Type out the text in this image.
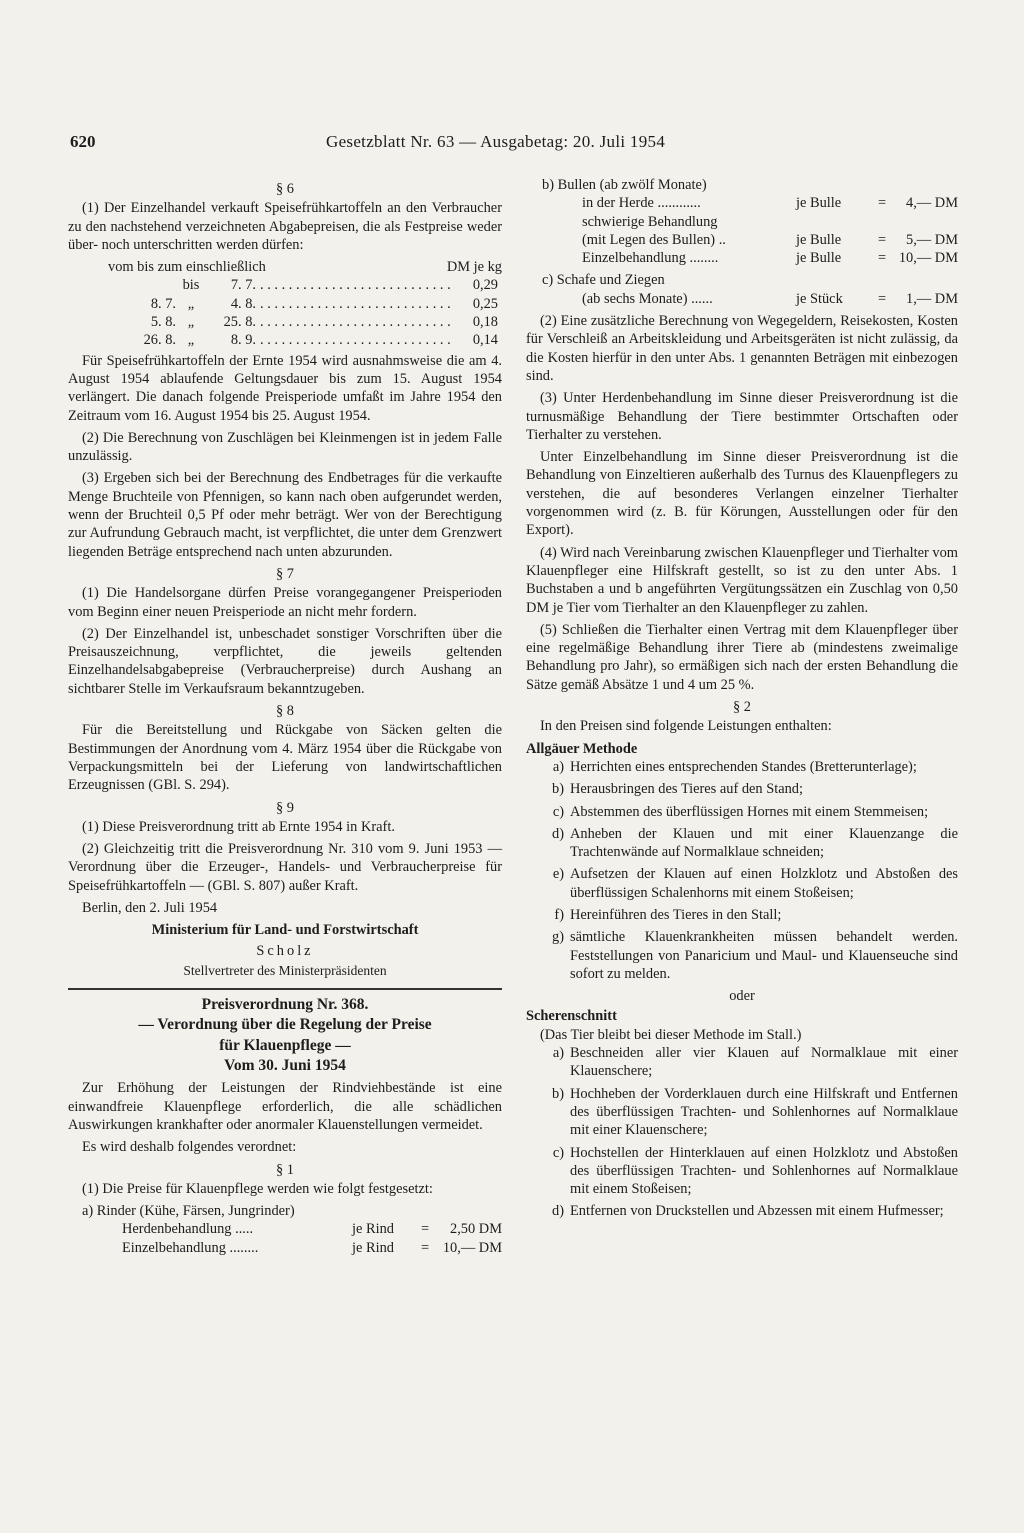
620	Gesetzblatt Nr. 63 — Ausgabetag: 20. Juli 1954
§ 6

(1) Der Einzelhandel verkauft Speisefrühkartoffeln an den Verbraucher zu den nachstehend verzeichneten Abgabepreisen, die als Festpreise weder über- noch unterschritten werden dürfen:

vom bis zum einschließlich	DM je kg
bis	7. 7. . . .	0,29
8. 7. „	4. 8. . . .	0,25
5. 8. „	25. 8. . . .	0,18
26. 8. „	8. 9. . . .	0,14

Für Speisefrühkartoffeln der Ernte 1954 wird ausnahmsweise die am 4. August 1954 ablaufende Geltungsdauer bis zum 15. August 1954 verlängert. Die danach folgende Preisperiode umfaßt im Jahre 1954 den Zeitraum vom 16. August 1954 bis 25. August 1954.

(2) Die Berechnung von Zuschlägen bei Kleinmengen ist in jedem Falle unzulässig.

(3) Ergeben sich bei der Berechnung des Endbetrages für die verkaufte Menge Bruchteile von Pfennigen, so kann nach oben aufgerundet werden, wenn der Bruchteil 0,5 Pf oder mehr beträgt. Wer von der Berechtigung zur Aufrundung Gebrauch macht, ist verpflichtet, die unter dem Grenzwert liegenden Beträge entsprechend nach unten abzurunden.

§ 7

(1) Die Handelsorgane dürfen Preise vorangegangener Preisperioden vom Beginn einer neuen Preisperiode an nicht mehr fordern.

(2) Der Einzelhandel ist, unbeschadet sonstiger Vorschriften über die Preisauszeichnung, verpflichtet, die jeweils geltenden Einzelhandelsabgabepreise (Verbraucherpreise) durch Aushang an sichtbarer Stelle im Verkaufsraum bekanntzugeben.

§ 8

Für die Bereitstellung und Rückgabe von Säcken gelten die Bestimmungen der Anordnung vom 4. März 1954 über die Rückgabe von Verpackungsmitteln bei der Lieferung von landwirtschaftlichen Erzeugnissen (GBl. S. 294).

§ 9

(1) Diese Preisverordnung tritt ab Ernte 1954 in Kraft.

(2) Gleichzeitig tritt die Preisverordnung Nr. 310 vom 9. Juni 1953 — Verordnung über die Erzeuger-, Handels- und Verbraucherpreise für Speisefrühkartoffeln — (GBl. S. 807) außer Kraft.

Berlin, den 2. Juli 1954

Ministerium für Land- und Forstwirtschaft
Scholz
Stellvertreter des Ministerpräsidenten
Preisverordnung Nr. 368.
— Verordnung über die Regelung der Preise
für Klauenpflege —
Vom 30. Juni 1954

Zur Erhöhung der Leistungen der Rindviehbestände ist eine einwandfreie Klauenpflege erforderlich, die alle schädlichen Auswirkungen krankhafter oder anormaler Klauenstellungen vermeidet.

Es wird deshalb folgendes verordnet:

§ 1

(1) Die Preise für Klauenpflege werden wie folgt festgesetzt:

a) Rinder (Kühe, Färsen, Jungrinder)
Herdenbehandlung .....	je Rind	=	2,50 DM
Einzelbehandlung ........	je Rind	= 10,— DM
b) Bullen (ab zwölf Monate)
in der Herde ............	je Bulle	=	4,— DM
schwierige Behandlung
(mit Legen des Bullen) ..	je Bulle	=	5,— DM
Einzelbehandlung ........	je Bulle	= 10,— DM
c) Schafe und Ziegen
(ab sechs Monate) ......	je Stück	=	1,— DM

(2) Eine zusätzliche Berechnung von Wegegeldern, Reisekosten, Kosten für Verschleiß an Arbeitskleidung und Arbeitsgeräten ist nicht zulässig, da die Kosten hierfür in den unter Abs. 1 genannten Beträgen mit einbezogen sind.

(3) Unter Herdenbehandlung im Sinne dieser Preisverordnung ist die turnusmäßige Behandlung der Tiere bestimmter Ortschaften oder Tierhalter zu verstehen.

Unter Einzelbehandlung im Sinne dieser Preisverordnung ist die Behandlung von Einzeltieren außerhalb des Turnus des Klauenpflegers zu verstehen, die auf besonderes Verlangen einzelner Tierhalter vorgenommen wird (z. B. für Körungen, Ausstellungen oder für den Export).

(4) Wird nach Vereinbarung zwischen Klauenpfleger und Tierhalter vom Klauenpfleger eine Hilfskraft gestellt, so ist zu den unter Abs. 1 Buchstaben a und b angeführten Vergütungssätzen ein Zuschlag von 0,50 DM je Tier vom Tierhalter an den Klauenpfleger zu zahlen.

(5) Schließen die Tierhalter einen Vertrag mit dem Klauenpfleger über eine regelmäßige Behandlung ihrer Tiere ab (mindestens zweimalige Behandlung pro Jahr), so ermäßigen sich nach der ersten Behandlung die Sätze gemäß Absätze 1 und 4 um 25 %.

§ 2

In den Preisen sind folgende Leistungen enthalten:

Allgäuer Methode
a) Herrichten eines entsprechenden Standes (Bretterunterlage);
b) Herausbringen des Tieres auf den Stand;
c) Abstemmen des überflüssigen Hornes mit einem Stemmeisen;
d) Anheben der Klauen und mit einer Klauenzange die Trachtenwände auf Normalklaue schneiden;
e) Aufsetzen der Klauen auf einen Holzklotz und Abstoßen des überflüssigen Schalenhorns mit einem Stoßeisen;
f) Hereinführen des Tieres in den Stall;
g) sämtliche Klauenkrankheiten müssen behandelt werden. Feststellungen von Panaricium und Maul- und Klauenseuche sind sofort zu melden.
oder
Scherenschnitt
(Das Tier bleibt bei dieser Methode im Stall.)
a) Beschneiden aller vier Klauen auf Normalklaue mit einer Klauenschere;
b) Hochheben der Vorderklauen durch eine Hilfskraft und Entfernen des überflüssigen Trachten- und Sohlenhornes auf Normalklaue mit einer Klauenschere;
c) Hochstellen der Hinterklauen auf einen Holzklotz und Abstoßen des überflüssigen Trachten- und Sohlenhornes auf Normalklaue mit einem Stoßeisen;
d) Entfernen von Druckstellen und Abzessen mit einem Hufmesser;
